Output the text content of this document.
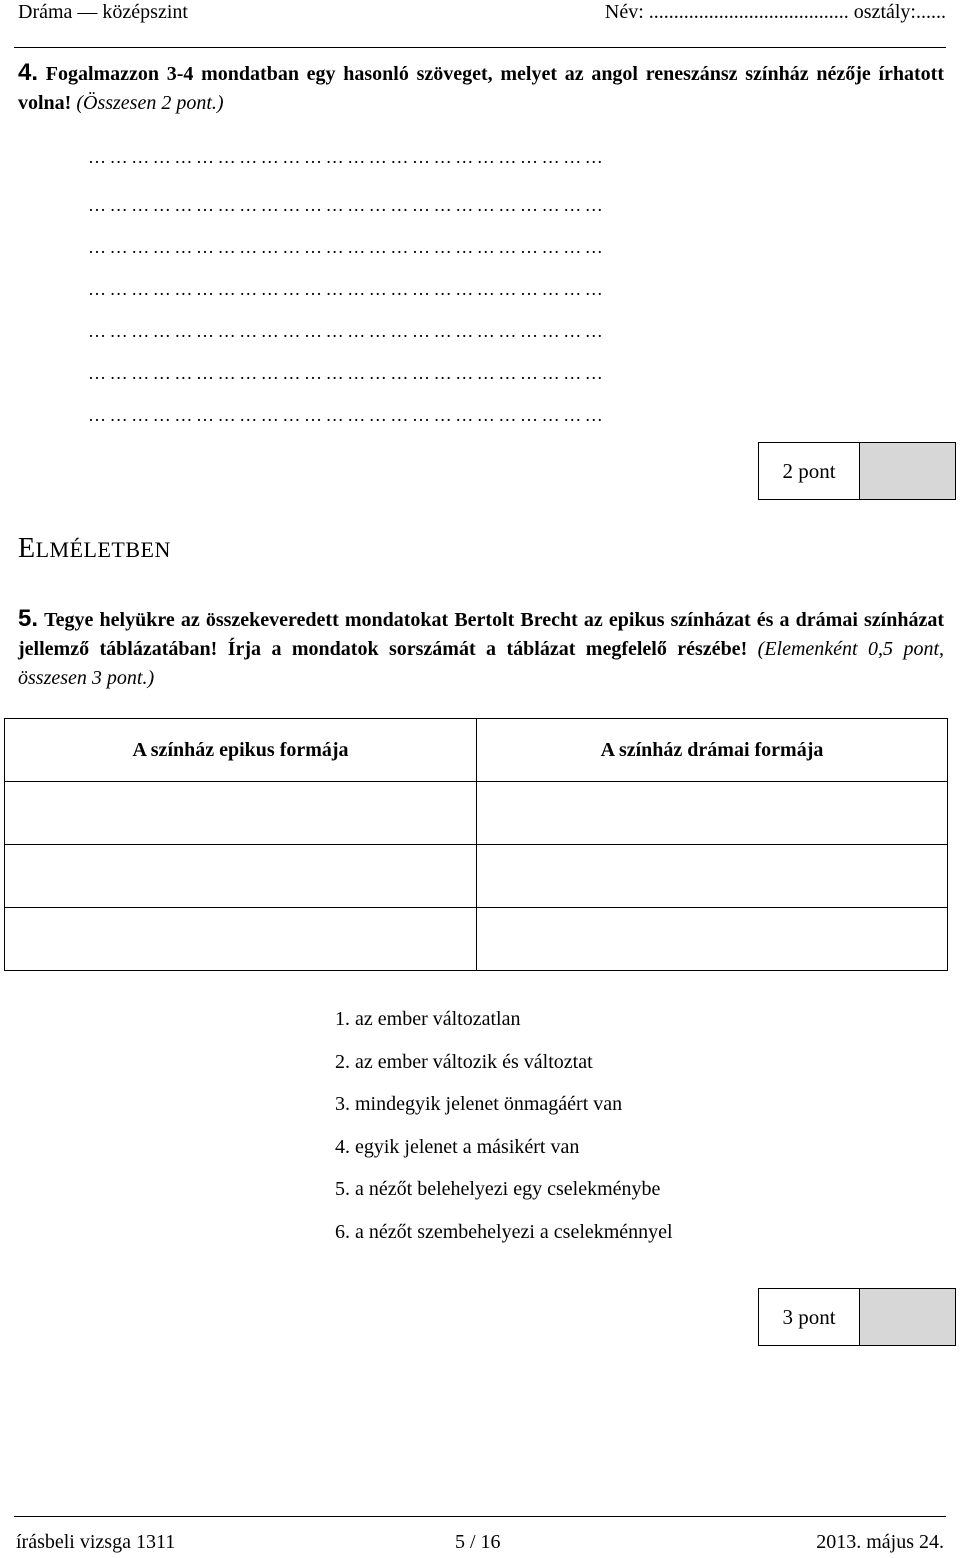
Dráma — középszint	Név: ........................................ osztály:......
4. Fogalmazzon 3-4 mondatban egy hasonló szöveget, melyet az angol reneszánsz színház nézője írhatott volna! (Összesen 2 pont.)
………………………………………………………………
………………………………………………………………
………………………………………………………………
………………………………………………………………
………………………………………………………………
………………………………………………………………
………………………………………………………………
2 pont
ELMÉLETBEN
5. Tegye helyükre az összekeveredett mondatokat Bertolt Brecht az epikus színházat és a drámai színházat jellemző táblázatában! Írja a mondatok sorszámát a táblázat megfelelő részébe! (Elemenként 0,5 pont, összesen 3 pont.)
A színház epikus formája	A színház drámai formája

1. az ember változatlan
2. az ember változik és változtat
3. mindegyik jelenet önmagáért van
4. egyik jelenet a másikért van
5. a nézőt belehelyezi egy cselekménybe
6. a nézőt szembehelyezi a cselekménnyel
3 pont
írásbeli vizsga 1311	5 / 16	2013. május 24.
